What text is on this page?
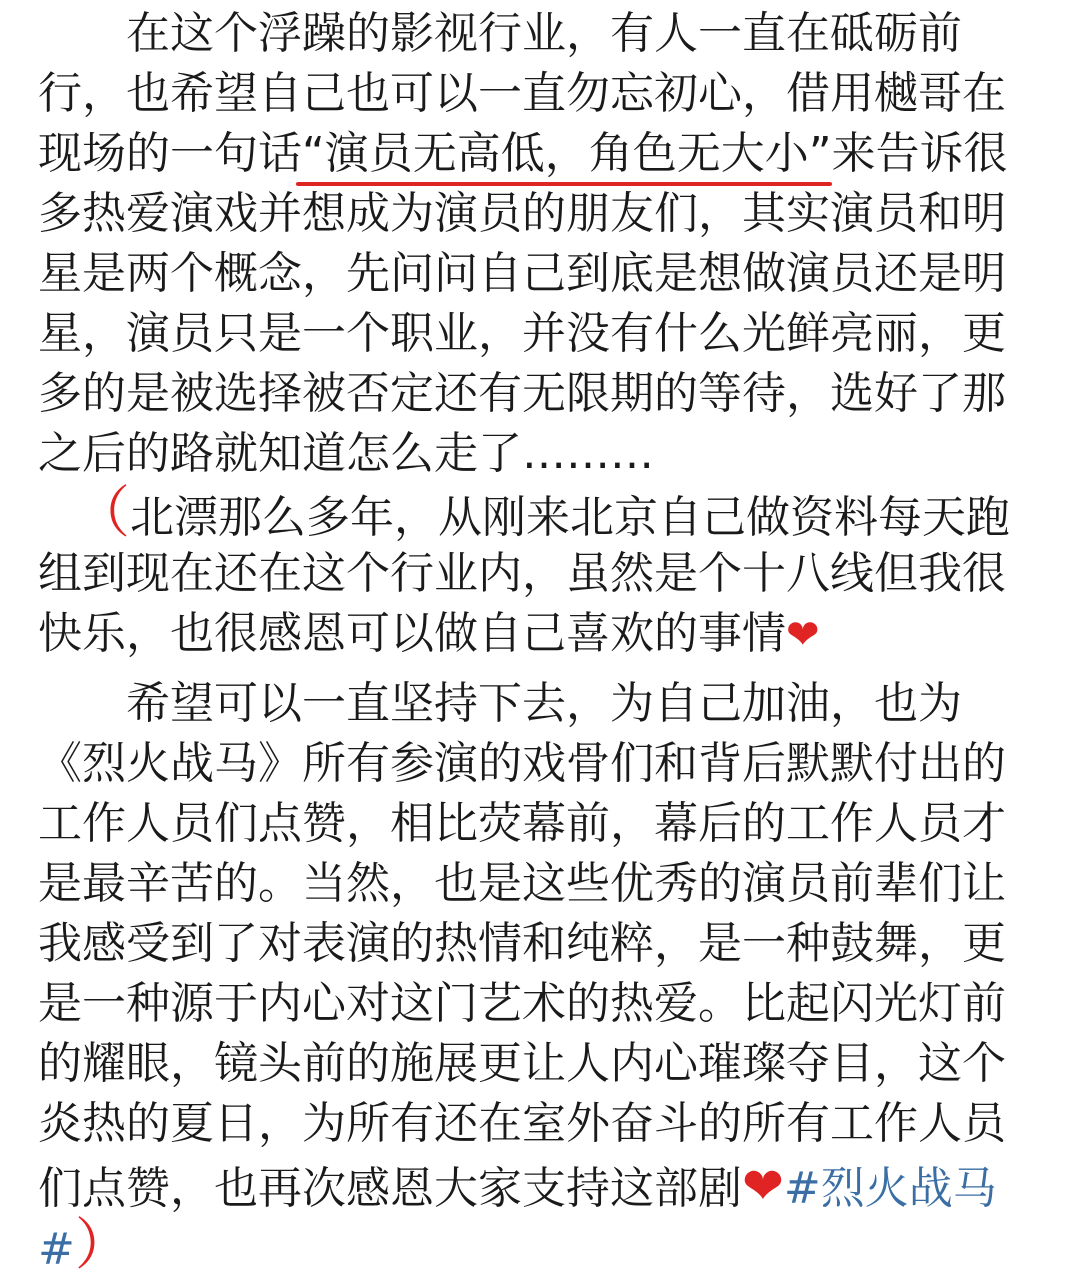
　　在这个浮躁的影视行业，有人一直在砥砺前
行，也希望自己也可以一直勿忘初心，借用樾哥在
现场的一句话“演员无高低，角色无大小”
来告诉很
多热爱演戏并想成为演员的朋友们，其实演员和明
星是两个概念，先问问自己到底是想做演员还是明
星，演员只是一个职业，并没有什么光鲜亮丽，更
多的是被选择被否定还有无限期的等待，选好了那
之后的路就知道怎么走了………
（北漂那么多年，从刚来北京自己做资料每天跑
组到现在还在这个行业内，虽然是个十八线但我很
快乐，也很感恩可以做自己喜欢的事情❤
　　希望可以一直坚持下去，为自己加油，也为
《烈火战马》所有参演的戏骨们和背后默默付出的
工作人员们点赞，相比荧幕前，幕后的工作人员才
是最辛苦的。当然，也是这些优秀的演员前辈们让
我感受到了对表演的热情和纯粹，是一种鼓舞，更
是一种源于内心对这门艺术的热爱。比起闪光灯前
的耀眼，镜头前的施展更让人内心璀璨夺目，这个
炎热的夏日，为所有还在室外奋斗的所有工作人员
们点赞，也再次感恩大家支持这部剧❤#烈火战马
#）
